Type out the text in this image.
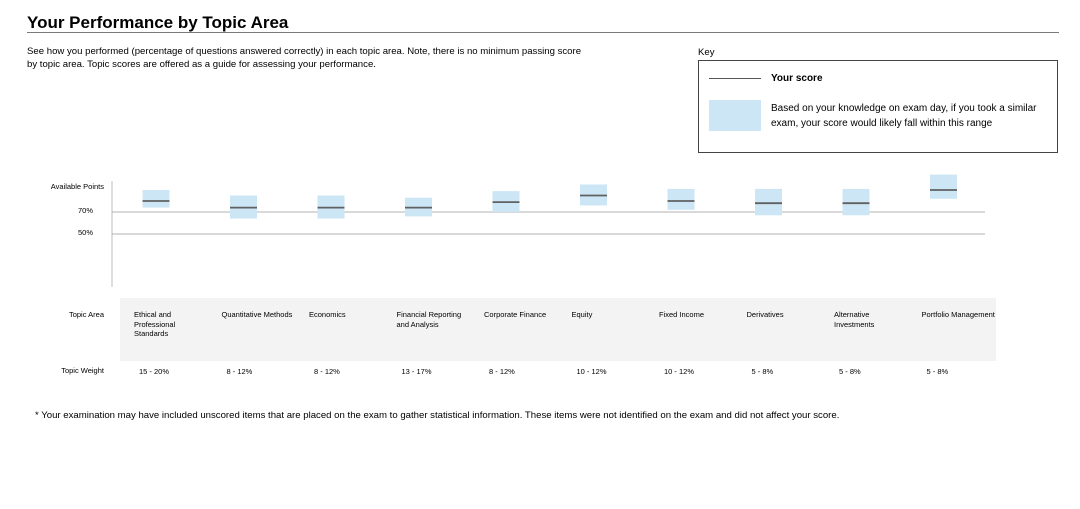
Your Performance by Topic Area
See how you performed (percentage of questions answered correctly) in each topic area. Note, there is no minimum passing score by topic area. Topic scores are offered as a guide for assessing your performance.
Key
Your score
Based on your knowledge on exam day, if you took a similar exam, your score would likely fall within this range
Topic Area
Topic Weight
Ethical and Professional Standards
15 - 20%
Quantitative Methods
8 - 12%
Economics
8 - 12%
Financial Reporting and Analysis
13 - 17%
Corporate Finance
8 - 12%
Equity
10 - 12%
Fixed Income
10 - 12%
Derivatives
5 - 8%
Alternative Investments
5 - 8%
Portfolio Management
5 - 8%
Available Points
70%
50%
* Your examination may have included unscored items that are placed on the exam to gather statistical information. These items were not identified on the exam and did not affect your score.
